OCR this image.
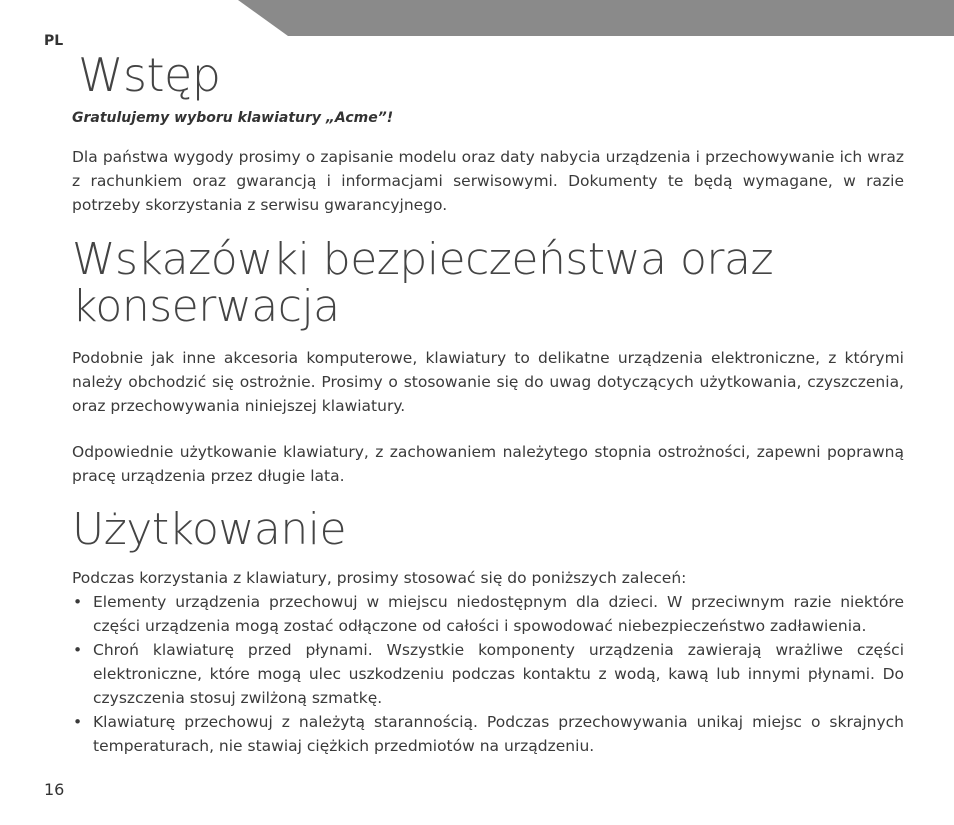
PL
Wstęp
Gratulujemy wyboru klawiatury „Acme”!

Dla państwa wygody prosimy o zapisanie modelu oraz daty nabycia urządzenia i przechowywanie ich wraz z rachunkiem oraz gwarancją i informacjami serwisowymi. Dokumenty te będą wymagane, w razie potrzeby skorzystania z serwisu gwarancyjnego.

Wskazówki bezpieczeństwa oraz konserwacja

Podobnie jak inne akcesoria komputerowe, klawiatury to delikatne urządzenia elektroniczne, z którymi należy obchodzić się ostrożnie. Prosimy o stosowanie się do uwag dotyczących użytkowania, czyszczenia, oraz przechowywania niniejszej klawiatury.

Odpowiednie użytkowanie klawiatury, z zachowaniem należytego stopnia ostrożności, zapewni poprawną pracę urządzenia przez długie lata.

Użytkowanie

Podczas korzystania z klawiatury, prosimy stosować się do poniższych zaleceń:

• Elementy urządzenia przechowuj w miejscu niedostępnym dla dzieci. W przeciwnym razie niektóre części urządzenia mogą zostać odłączone od całości i spowodować niebezpieczeństwo zadławienia.
• Chroń klawiaturę przed płynami. Wszystkie komponenty urządzenia zawierają wrażliwe części elektroniczne, które mogą ulec uszkodzeniu podczas kontaktu z wodą, kawą lub innymi płynami. Do czyszczenia stosuj zwilżoną szmatkę.
• Klawiaturę przechowuj z należytą starannością. Podczas przechowywania unikaj miejsc o skrajnych temperaturach, nie stawiaj ciężkich przedmiotów na urządzeniu.
16
